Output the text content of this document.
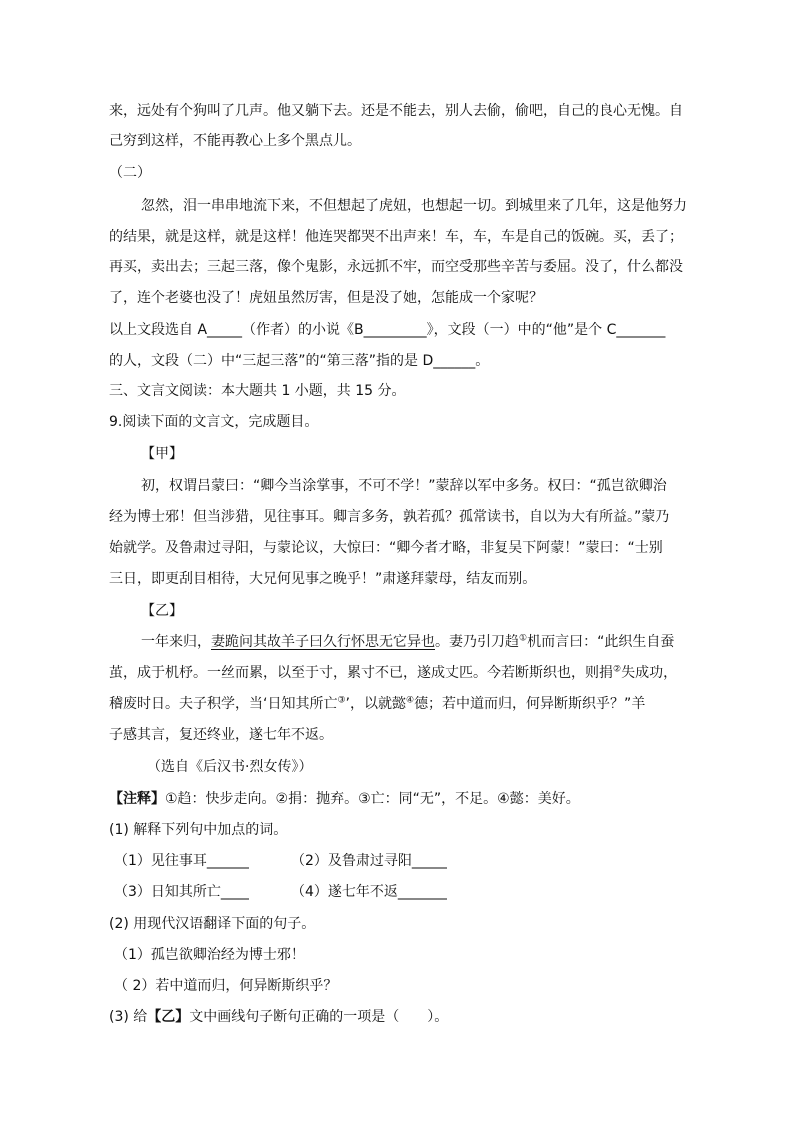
来，远处有个狗叫了几声。他又躺下去。还是不能去，别人去偷，偷吧，自己的良心无愧。自
己穷到这样，不能再教心上多个黑点儿。
（二）
忽然，泪一串串地流下来，不但想起了虎妞，也想起一切。到城里来了几年，这是他努力
的结果，就是这样，就是这样！他连哭都哭不出声来！车，车，车是自己的饭碗。买，丢了；
再买，卖出去；三起三落，像个鬼影，永远抓不牢，而空受那些辛苦与委屈。没了，什么都没
了，连个老婆也没了！虎妞虽然厉害，但是没了她，怎能成一个家呢？
以上文段选自 A_____（作者）的小说《B_________》，文段（一）中的“他”是个 C_______
的人，文段（二）中“三起三落”的“第三落”指的是 D______。
三、文言文阅读：本大题共 1 小题，共 15 分。
9.阅读下面的文言文，完成题目。
【甲】
初，权谓吕蒙曰：“卿今当涂掌事，不可不学！”蒙辞以军中多务。权曰：“孤岂欲卿治
经为博士邪！但当涉猎，见往事耳。卿言多务，孰若孤？孤常读书，自以为大有所益。”蒙乃
始就学。及鲁肃过寻阳，与蒙论议，大惊曰：“卿今者才略，非复吴下阿蒙！”蒙曰：“士别
三日，即更刮目相待，大兄何见事之晚乎！”肃遂拜蒙母，结友而别。
【乙】
一年来归，妻跪问其故羊子曰久行怀思无它异也。妻乃引刀趋①机而言曰：“此织生自蚕
茧，成于机杼。一丝而累，以至于寸，累寸不已，遂成丈匹。今若断斯织也，则捐②失成功，
稽废时日。夫子积学，当‘日知其所亡③’，以就懿④德；若中道而归，何异断斯织乎？”羊
子感其言，复还终业，遂七年不返。
（选自《后汉书·烈女传》）
【注释】①趋：快步走向。②捐：抛弃。③亡：同“无”，不足。④懿：美好。
(1) 解释下列句中加点的词。
（1）见往事耳______	（2）及鲁肃过寻阳_____
（3）日知其所亡____	（4）遂七年不返_______
(2) 用现代汉语翻译下面的句子。
（1）孤岂欲卿治经为博士邪！
（ 2）若中道而归，何异断斯织乎？
(3) 给【乙】文中画线句子断句正确的一项是（　　）。
